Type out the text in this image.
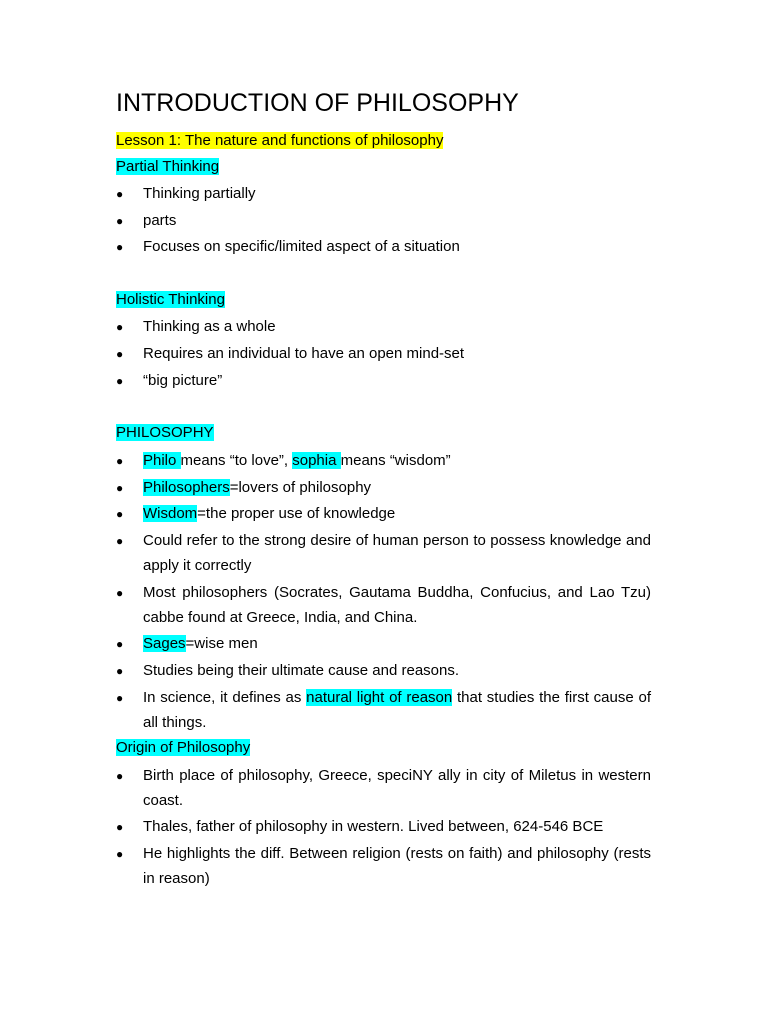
INTRODUCTION OF PHILOSOPHY
Lesson 1: The nature and functions of philosophy
Partial Thinking
●	Thinking partially
●	parts
●	Focuses on specific/limited aspect of a situation
Holistic Thinking
●	Thinking as a whole
●	Requires an individual to have an open mind-set
●	“big picture”
PHILOSOPHY
●	Philo means “to love”, sophia means “wisdom”
●	Philosophers=lovers of philosophy
●	Wisdom=the proper use of knowledge
●	Could refer to the strong desire of human person to possess knowledge and apply it correctly
●	Most philosophers (Socrates, Gautama Buddha, Confucius, and Lao Tzu) cabbe found at Greece, India, and China.
●	Sages=wise men
●	Studies being their ultimate cause and reasons.
●	In science, it defines as natural light of reason that studies the first cause of all things.
Origin of Philosophy
●	Birth place of philosophy, Greece, speciNY ally in city of Miletus in western coast.
●	Thales, father of philosophy in western. Lived between, 624-546 BCE
●	He highlights the diff. Between religion (rests on faith) and philosophy (rests in reason)
